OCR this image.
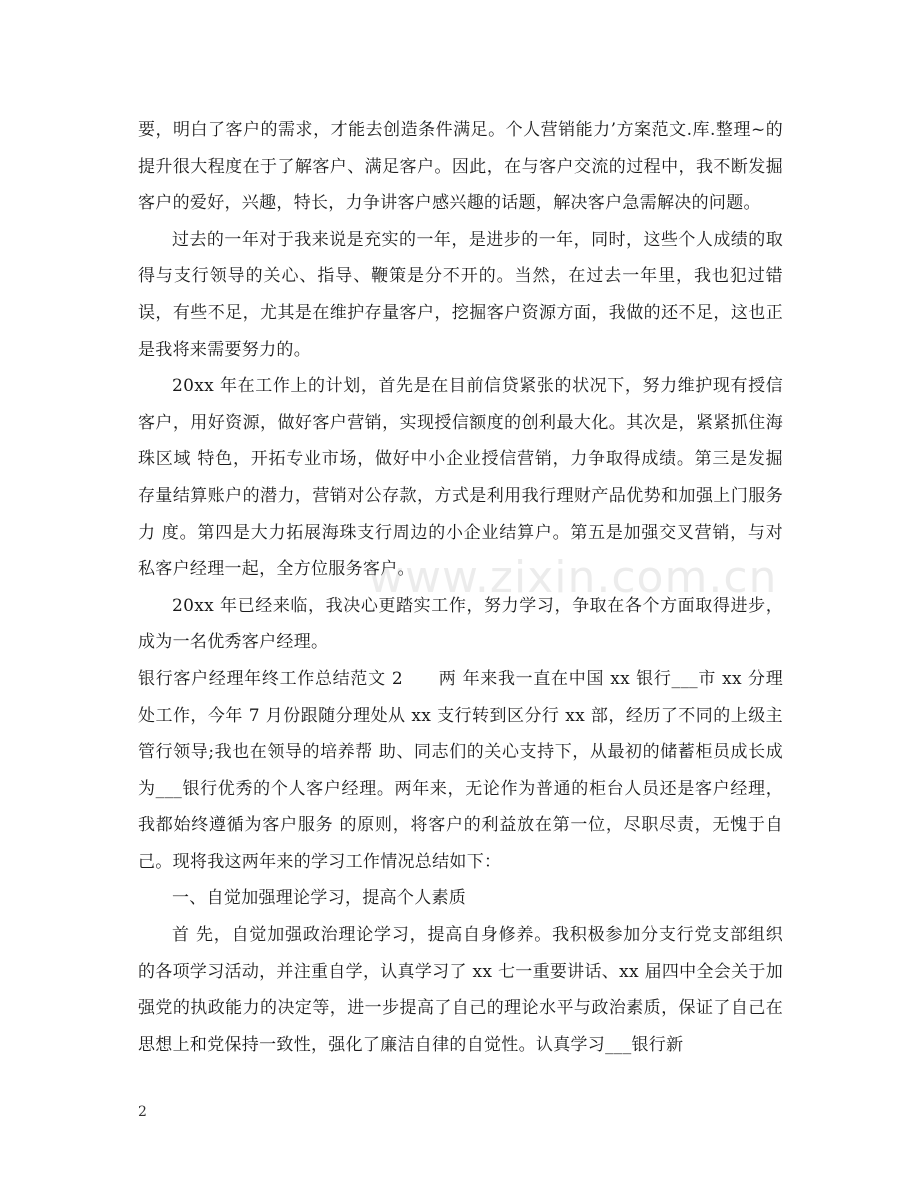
要，明白了客户的需求，才能去创造条件满足。个人营销能力’方案范文.库.整理~的提升很大程度在于了解客户、满足客户。因此，在与客户交流的过程中，我不断发掘客户的爱好，兴趣，特长，力争讲客户感兴趣的话题，解决客户急需解决的问题。

过去的一年对于我来说是充实的一年，是进步的一年，同时，这些个人成绩的取得与支行领导的关心、指导、鞭策是分不开的。当然，在过去一年里，我也犯过错误，有些不足，尤其是在维护存量客户，挖掘客户资源方面，我做的还不足，这也正是我将来需要努力的。

20xx 年在工作上的计划，首先是在目前信贷紧张的状况下，努力维护现有授信客户，用好资源，做好客户营销，实现授信额度的创利最大化。其次是，紧紧抓住海珠区域 特色，开拓专业市场，做好中小企业授信营销，力争取得成绩。第三是发掘存量结算账户的潜力，营销对公存款，方式是利用我行理财产品优势和加强上门服务力 度。第四是大力拓展海珠支行周边的小企业结算户。第五是加强交叉营销，与对私客户经理一起，全方位服务客户。

20xx 年已经来临，我决心更踏实工作，努力学习，争取在各个方面取得进步，成为一名优秀客户经理。

银行客户经理年终工作总结范文 2　　两 年来我一直在中国 xx 银行___市 xx 分理处工作，今年 7 月份跟随分理处从 xx 支行转到区分行 xx 部，经历了不同的上级主管行领导;我也在领导的培养帮 助、同志们的关心支持下，从最初的储蓄柜员成长成为___银行优秀的个人客户经理。两年来，无论作为普通的柜台人员还是客户经理，我都始终遵循为客户服务 的原则，将客户的利益放在第一位，尽职尽责，无愧于自己。现将我这两年来的学习工作情况总结如下：

一、自觉加强理论学习，提高个人素质

首 先，自觉加强政治理论学习，提高自身修养。我积极参加分支行党支部组织的各项学习活动，并注重自学，认真学习了 xx 七一重要讲话、xx 届四中全会关于加 强党的执政能力的决定等，进一步提高了自己的理论水平与政治素质，保证了自己在思想上和党保持一致性，强化了廉洁自律的自觉性。认真学习___银行新

www.zixin.com.cn
2
